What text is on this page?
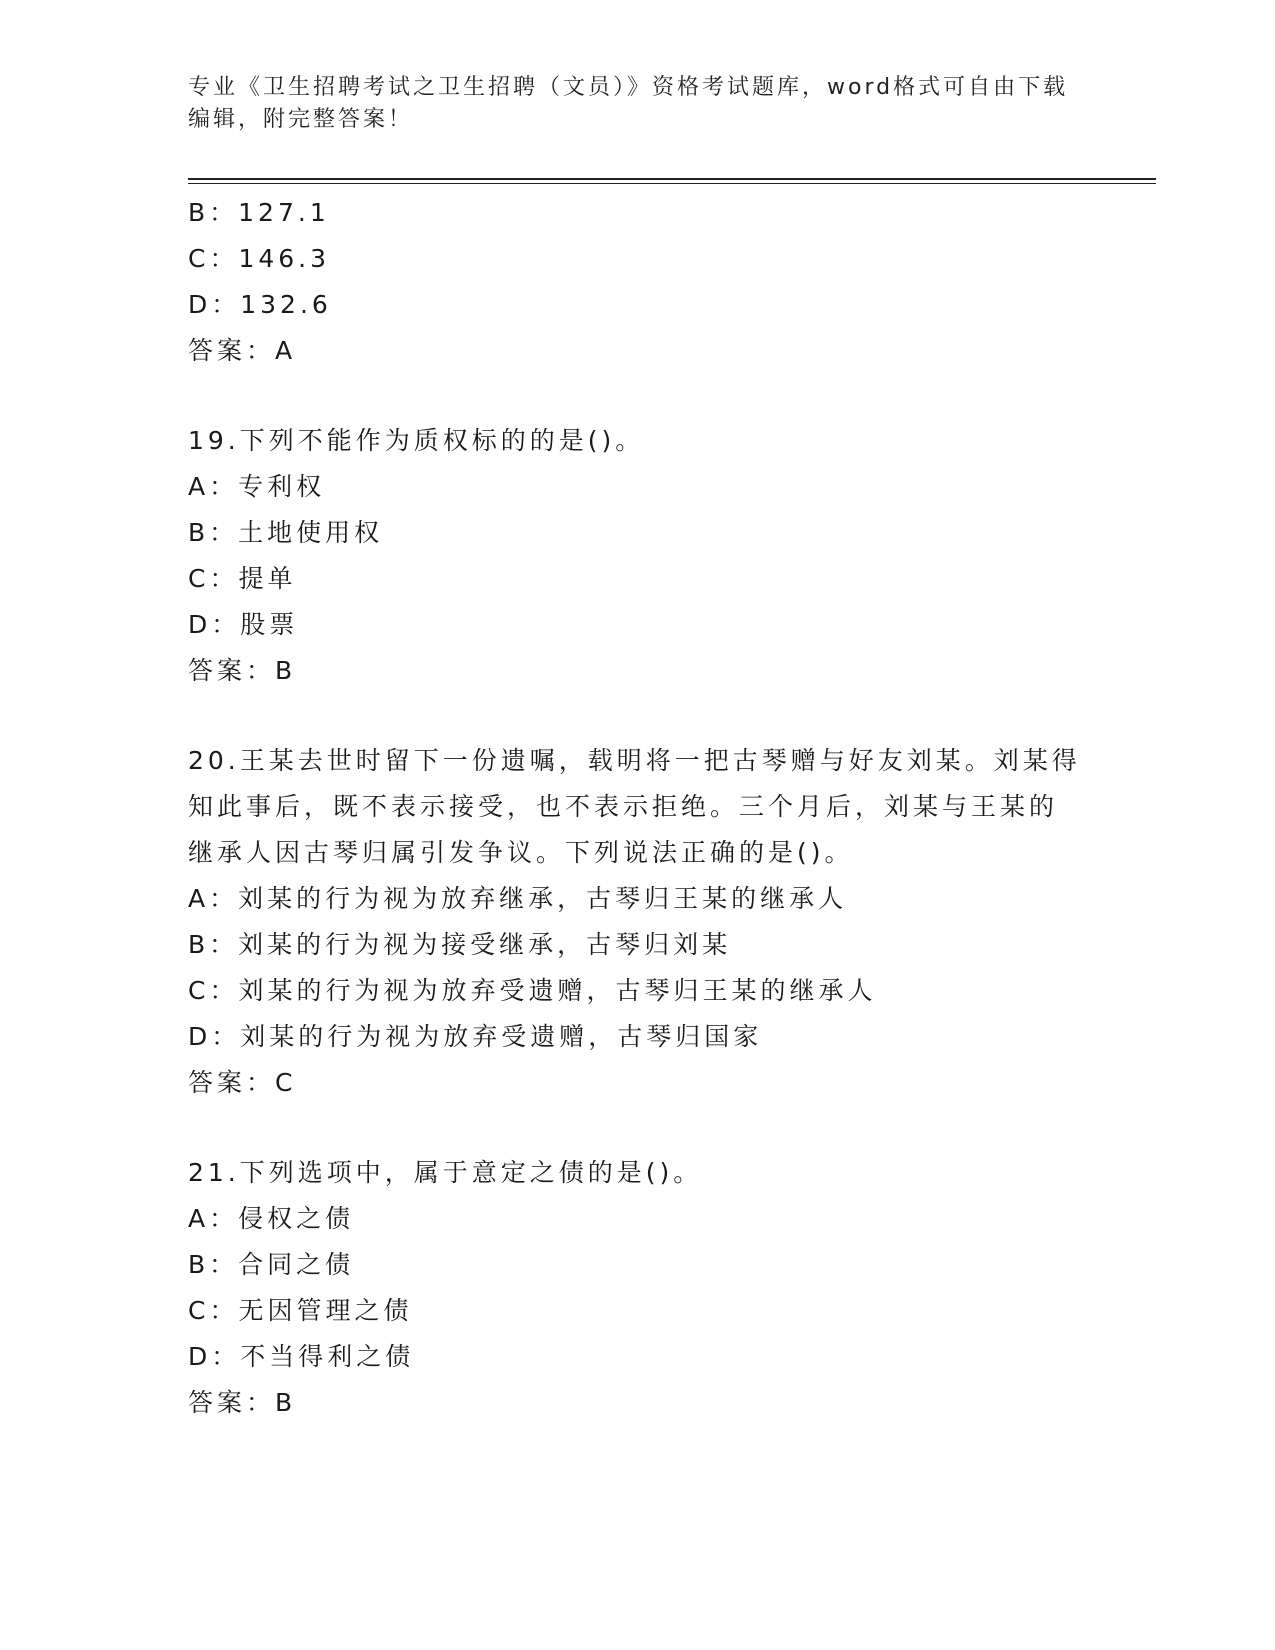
专业《卫生招聘考试之卫生招聘（文员）》资格考试题库，word格式可自由下载编辑，附完整答案！
B：127.1
C：146.3
D：132.6
答案：A
19.下列不能作为质权标的的是()。
A：专利权
B：土地使用权
C：提单
D：股票
答案：B
20.王某去世时留下一份遗嘱，载明将一把古琴赠与好友刘某。刘某得
知此事后，既不表示接受，也不表示拒绝。三个月后，刘某与王某的
继承人因古琴归属引发争议。下列说法正确的是()。
A：刘某的行为视为放弃继承，古琴归王某的继承人
B：刘某的行为视为接受继承，古琴归刘某
C：刘某的行为视为放弃受遗赠，古琴归王某的继承人
D：刘某的行为视为放弃受遗赠，古琴归国家
答案：C
21.下列选项中，属于意定之债的是()。
A：侵权之债
B：合同之债
C：无因管理之债
D：不当得利之债
答案：B
